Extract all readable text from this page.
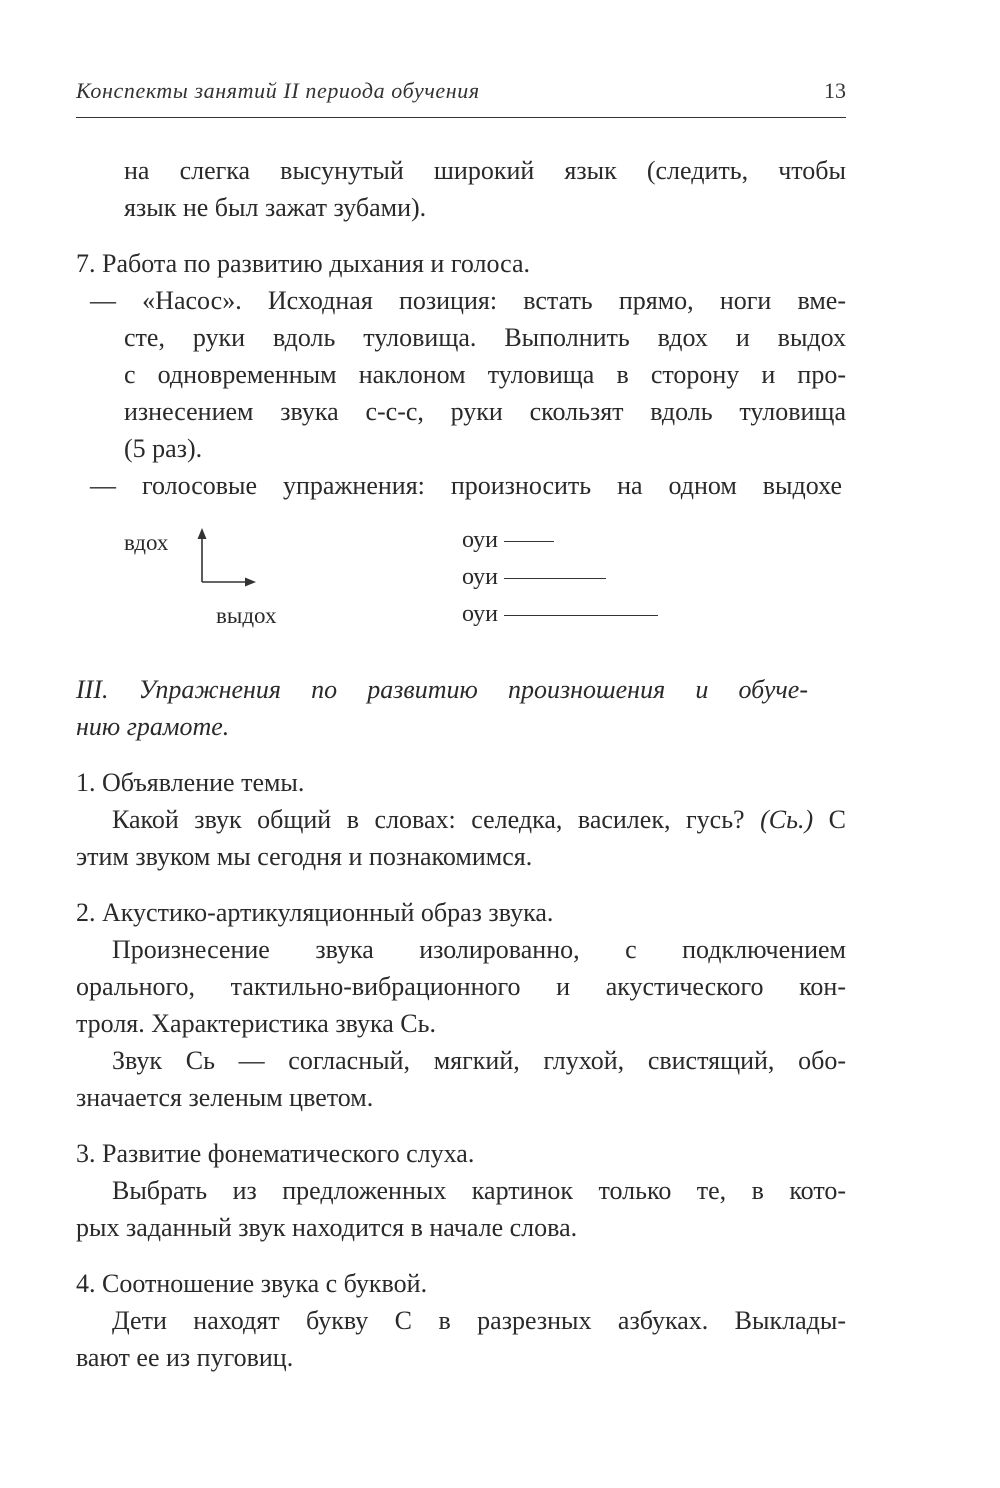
Конспекты занятий II периода обучения	13
на слегка высунутый широкий язык (следить, чтобы
язык не был зажат зубами).
7. Работа по развитию дыхания и голоса.
— «Насос». Исходная позиция: встать прямо, ноги вме-
сте, руки вдоль туловища. Выполнить вдох и выдох
с одновременным наклоном туловища в сторону и про-
изнесением звука с-с-с, руки скользят вдоль туловища
(5 раз).
— голосовые упражнения: произносить на одном выдохе
вдох
выдох
оуи
оуи
оуи
III. Упражнения по развитию произношения и обуче-
нию грамоте.
1. Объявление темы.
Какой звук общий в словах: селедка, василек, гусь? (Сь.) С
этим звуком мы сегодня и познакомимся.
2. Акустико-артикуляционный образ звука.
Произнесение звука изолированно, с подключением
орального, тактильно-вибрационного и акустического кон-
троля. Характеристика звука Сь.
Звук Сь — согласный, мягкий, глухой, свистящий, обо-
значается зеленым цветом.
3. Развитие фонематического слуха.
Выбрать из предложенных картинок только те, в кото-
рых заданный звук находится в начале слова.
4. Соотношение звука с буквой.
Дети находят букву С в разрезных азбуках. Выклады-
вают ее из пуговиц.
